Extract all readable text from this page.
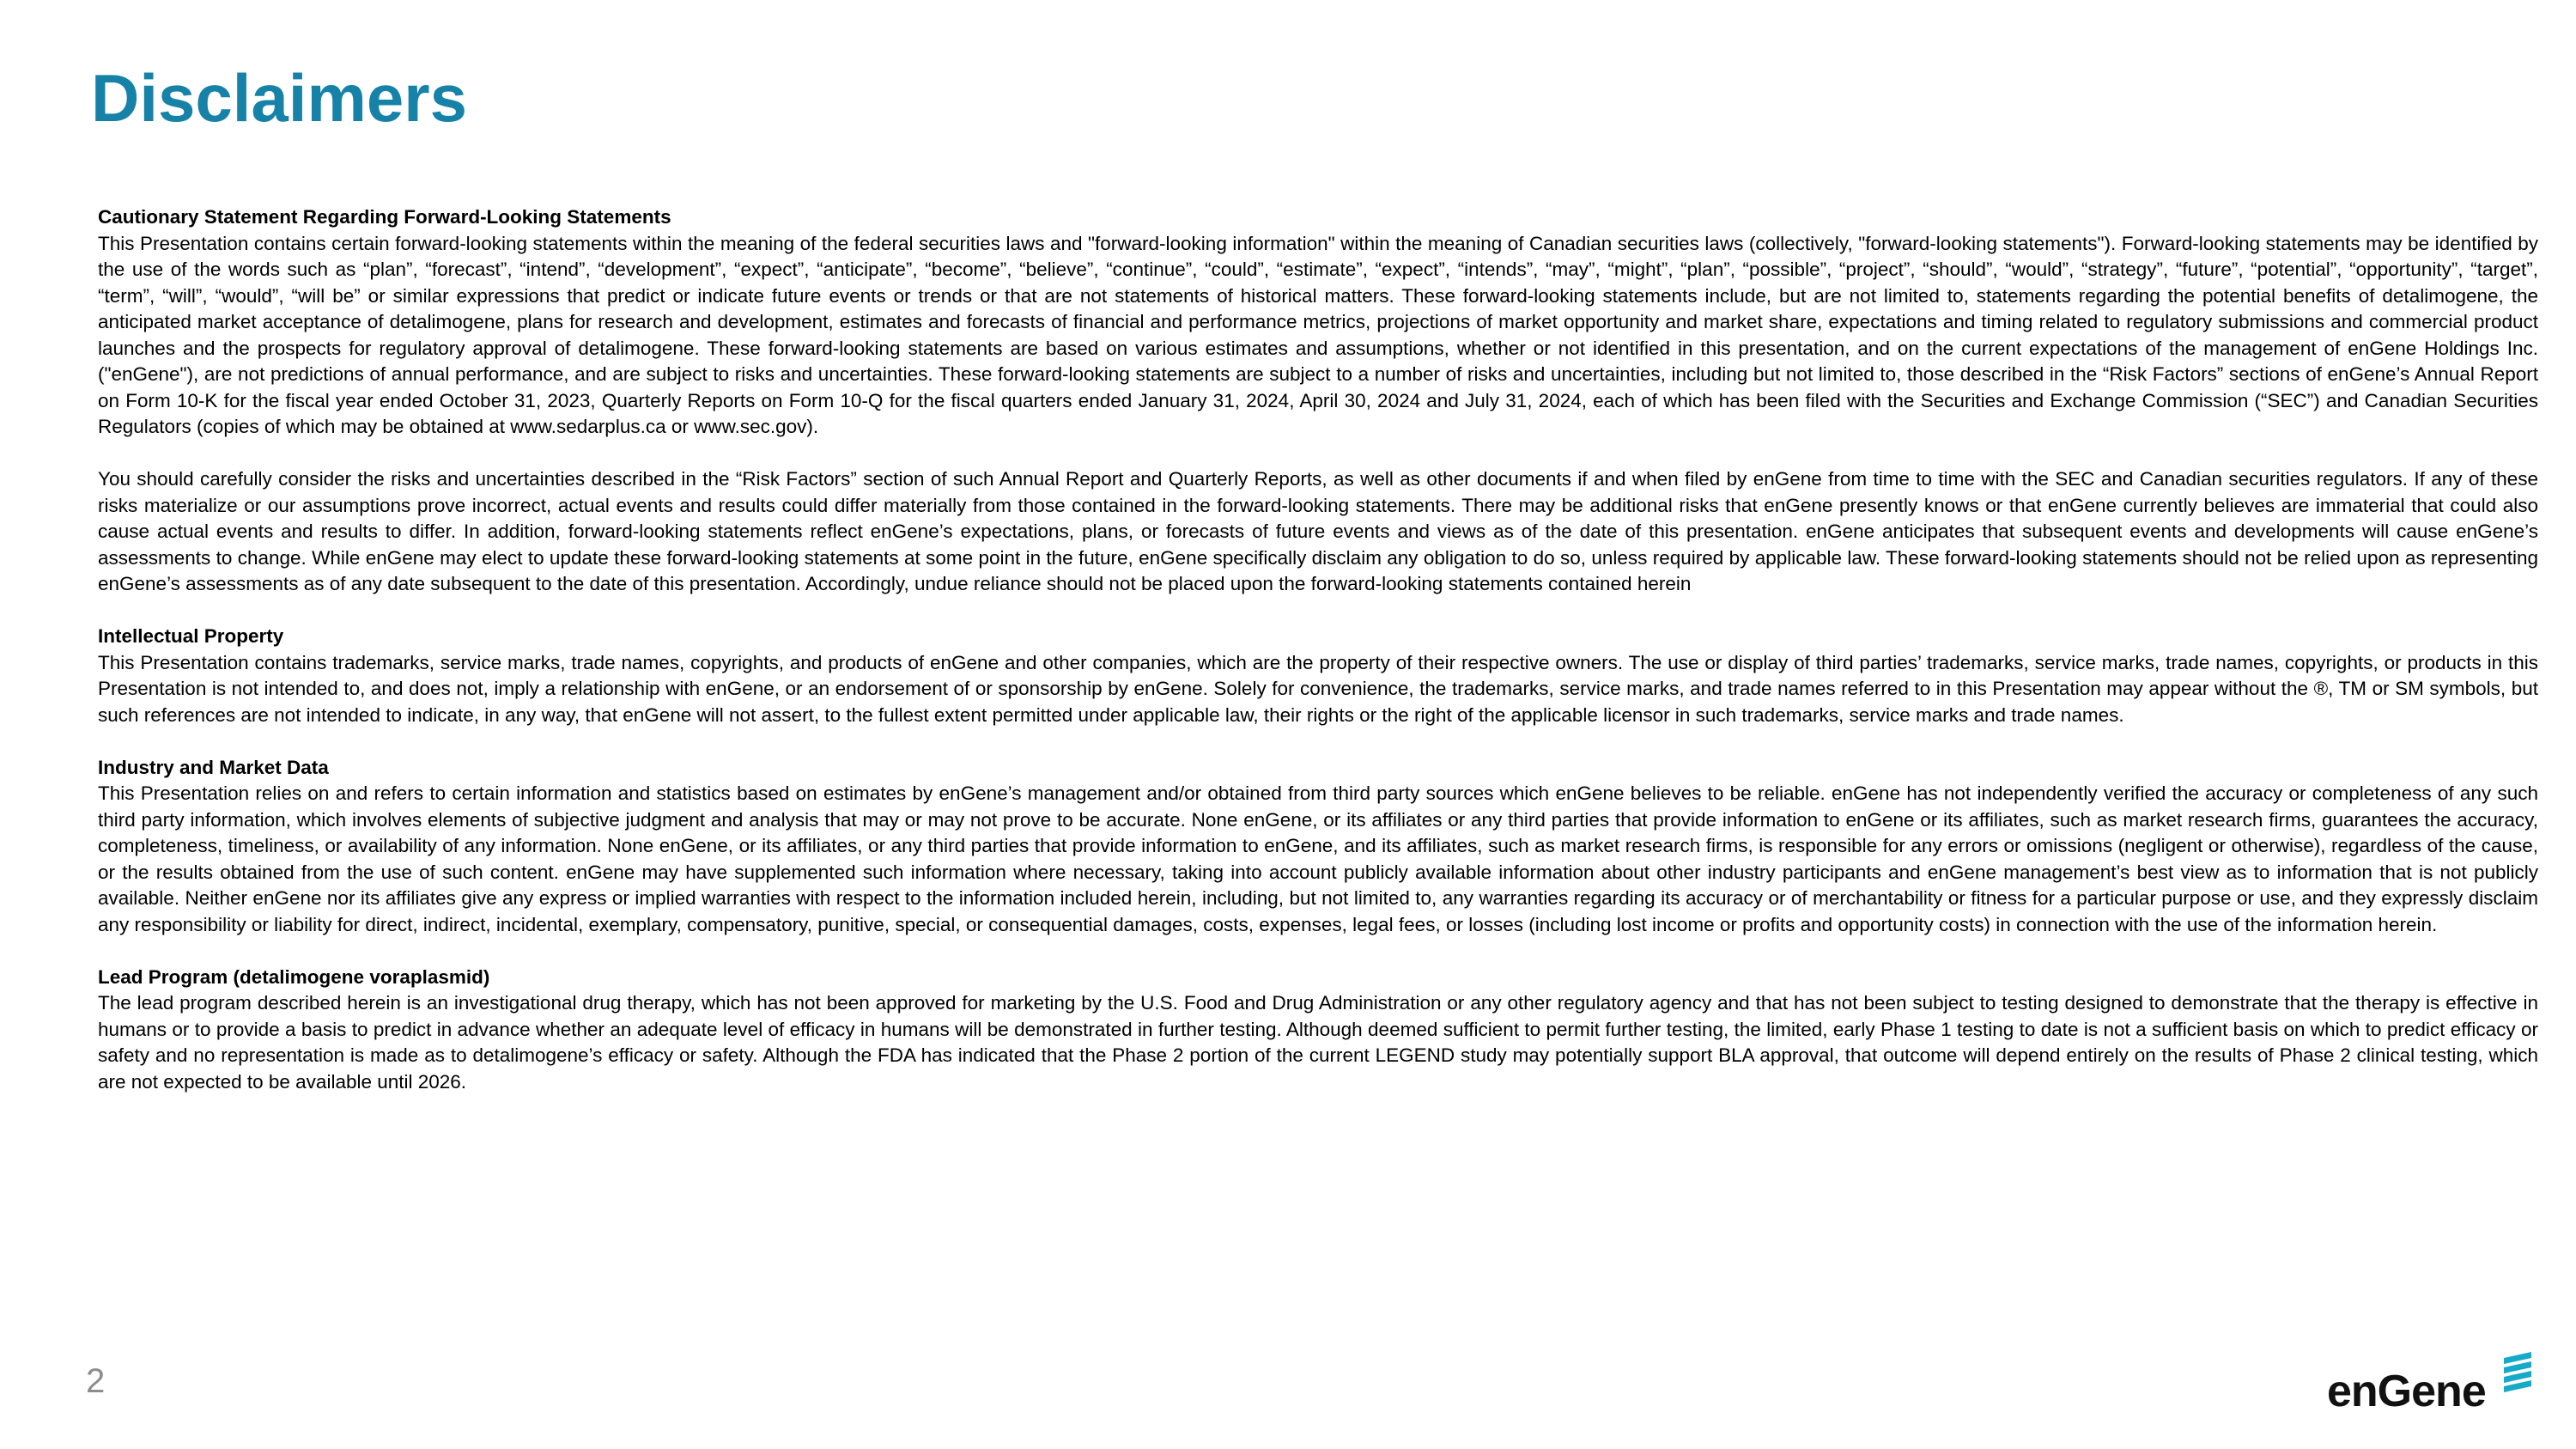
Disclaimers

Cautionary Statement Regarding Forward-Looking Statements

This Presentation contains certain forward-looking statements within the meaning of the federal securities laws and "forward-looking information" within the meaning of Canadian securities laws (collectively, "forward-looking statements"). Forward-looking statements may be identified by the use of the words such as “plan”, “forecast”, “intend”, “development”, “expect”, “anticipate”, “become”, “believe”, “continue”, “could”, “estimate”, “expect”, “intends”, “may”, “might”, “plan”, “possible”, “project”, “should”, “would”, “strategy”, “future”, “potential”, “opportunity”, “target”, “term”, “will”, “would”, “will be” or similar expressions that predict or indicate future events or trends or that are not statements of historical matters. These forward-looking statements include, but are not limited to, statements regarding the potential benefits of detalimogene, the anticipated market acceptance of detalimogene, plans for research and development, estimates and forecasts of financial and performance metrics, projections of market opportunity and market share, expectations and timing related to regulatory submissions and commercial product launches and the prospects for regulatory approval of detalimogene. These forward-looking statements are based on various estimates and assumptions, whether or not identified in this presentation, and on the current expectations of the management of enGene Holdings Inc. ("enGene"), are not predictions of annual performance, and are subject to risks and uncertainties. These forward-looking statements are subject to a number of risks and uncertainties, including but not limited to, those described in the “Risk Factors” sections of enGene’s Annual Report on Form 10-K for the fiscal year ended October 31, 2023, Quarterly Reports on Form 10-Q for the fiscal quarters ended January 31, 2024, April 30, 2024 and July 31, 2024, each of which has been filed with the Securities and Exchange Commission (“SEC”) and Canadian Securities Regulators (copies of which may be obtained at www.sedarplus.ca or www.sec.gov).

You should carefully consider the risks and uncertainties described in the “Risk Factors” section of such Annual Report and Quarterly Reports, as well as other documents if and when filed by enGene from time to time with the SEC and Canadian securities regulators. If any of these risks materialize or our assumptions prove incorrect, actual events and results could differ materially from those contained in the forward-looking statements. There may be additional risks that enGene presently knows or that enGene currently believes are immaterial that could also cause actual events and results to differ. In addition, forward-looking statements reflect enGene’s expectations, plans, or forecasts of future events and views as of the date of this presentation. enGene anticipates that subsequent events and developments will cause enGene’s assessments to change. While enGene may elect to update these forward-looking statements at some point in the future, enGene specifically disclaim any obligation to do so, unless required by applicable law. These forward-looking statements should not be relied upon as representing enGene’s assessments as of any date subsequent to the date of this presentation. Accordingly, undue reliance should not be placed upon the forward-looking statements contained herein

Intellectual Property

This Presentation contains trademarks, service marks, trade names, copyrights, and products of enGene and other companies, which are the property of their respective owners. The use or display of third parties’ trademarks, service marks, trade names, copyrights, or products in this Presentation is not intended to, and does not, imply a relationship with enGene, or an endorsement of or sponsorship by enGene. Solely for convenience, the trademarks, service marks, and trade names referred to in this Presentation may appear without the ®, TM or SM symbols, but such references are not intended to indicate, in any way, that enGene will not assert, to the fullest extent permitted under applicable law, their rights or the right of the applicable licensor in such trademarks, service marks and trade names.

Industry and Market Data

This Presentation relies on and refers to certain information and statistics based on estimates by enGene’s management and/or obtained from third party sources which enGene believes to be reliable. enGene has not independently verified the accuracy or completeness of any such third party information, which involves elements of subjective judgment and analysis that may or may not prove to be accurate. None enGene, or its affiliates or any third parties that provide information to enGene or its affiliates, such as market research firms, guarantees the accuracy, completeness, timeliness, or availability of any information. None enGene, or its affiliates, or any third parties that provide information to enGene, and its affiliates, such as market research firms, is responsible for any errors or omissions (negligent or otherwise), regardless of the cause, or the results obtained from the use of such content. enGene may have supplemented such information where necessary, taking into account publicly available information about other industry participants and enGene management’s best view as to information that is not publicly available. Neither enGene nor its affiliates give any express or implied warranties with respect to the information included herein, including, but not limited to, any warranties regarding its accuracy or of merchantability or fitness for a particular purpose or use, and they expressly disclaim any responsibility or liability for direct, indirect, incidental, exemplary, compensatory, punitive, special, or consequential damages, costs, expenses, legal fees, or losses (including lost income or profits and opportunity costs) in connection with the use of the information herein.

Lead Program (detalimogene voraplasmid)

The lead program described herein is an investigational drug therapy, which has not been approved for marketing by the U.S. Food and Drug Administration or any other regulatory agency and that has not been subject to testing designed to demonstrate that the therapy is effective in humans or to provide a basis to predict in advance whether an adequate level of efficacy in humans will be demonstrated in further testing. Although deemed sufficient to permit further testing, the limited, early Phase 1 testing to date is not a sufficient basis on which to predict efficacy or safety and no representation is made as to detalimogene’s efficacy or safety. Although the FDA has indicated that the Phase 2 portion of the current LEGEND study may potentially support BLA approval, that outcome will depend entirely on the results of Phase 2 clinical testing, which are not expected to be available until 2026.

2	enGene
